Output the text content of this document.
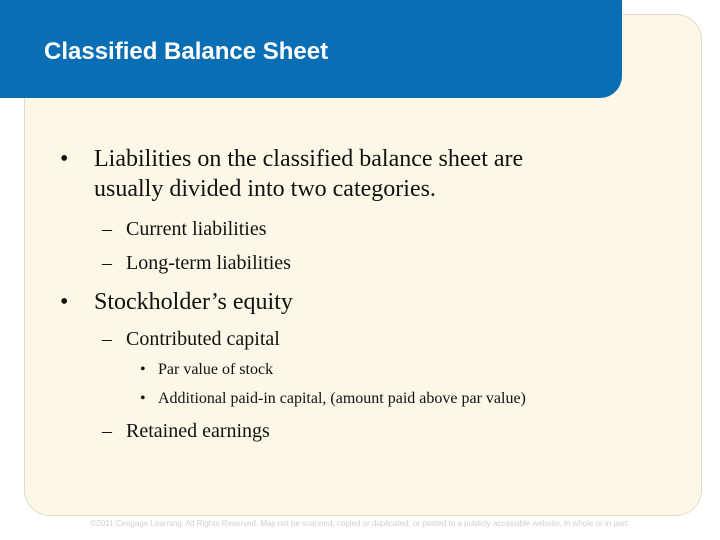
Classified Balance Sheet
• Liabilities on the classified balance sheet are
usually divided into two categories.
– Current liabilities
– Long-term liabilities
• Stockholder’s equity
– Contributed capital
• Par value of stock
• Additional paid-in capital, (amount paid above par value)
– Retained earnings
©2011 Cengage Learning. All Rights Reserved. May not be scanned, copied or duplicated, or posted to a publicly accessible website, in whole or in part.
